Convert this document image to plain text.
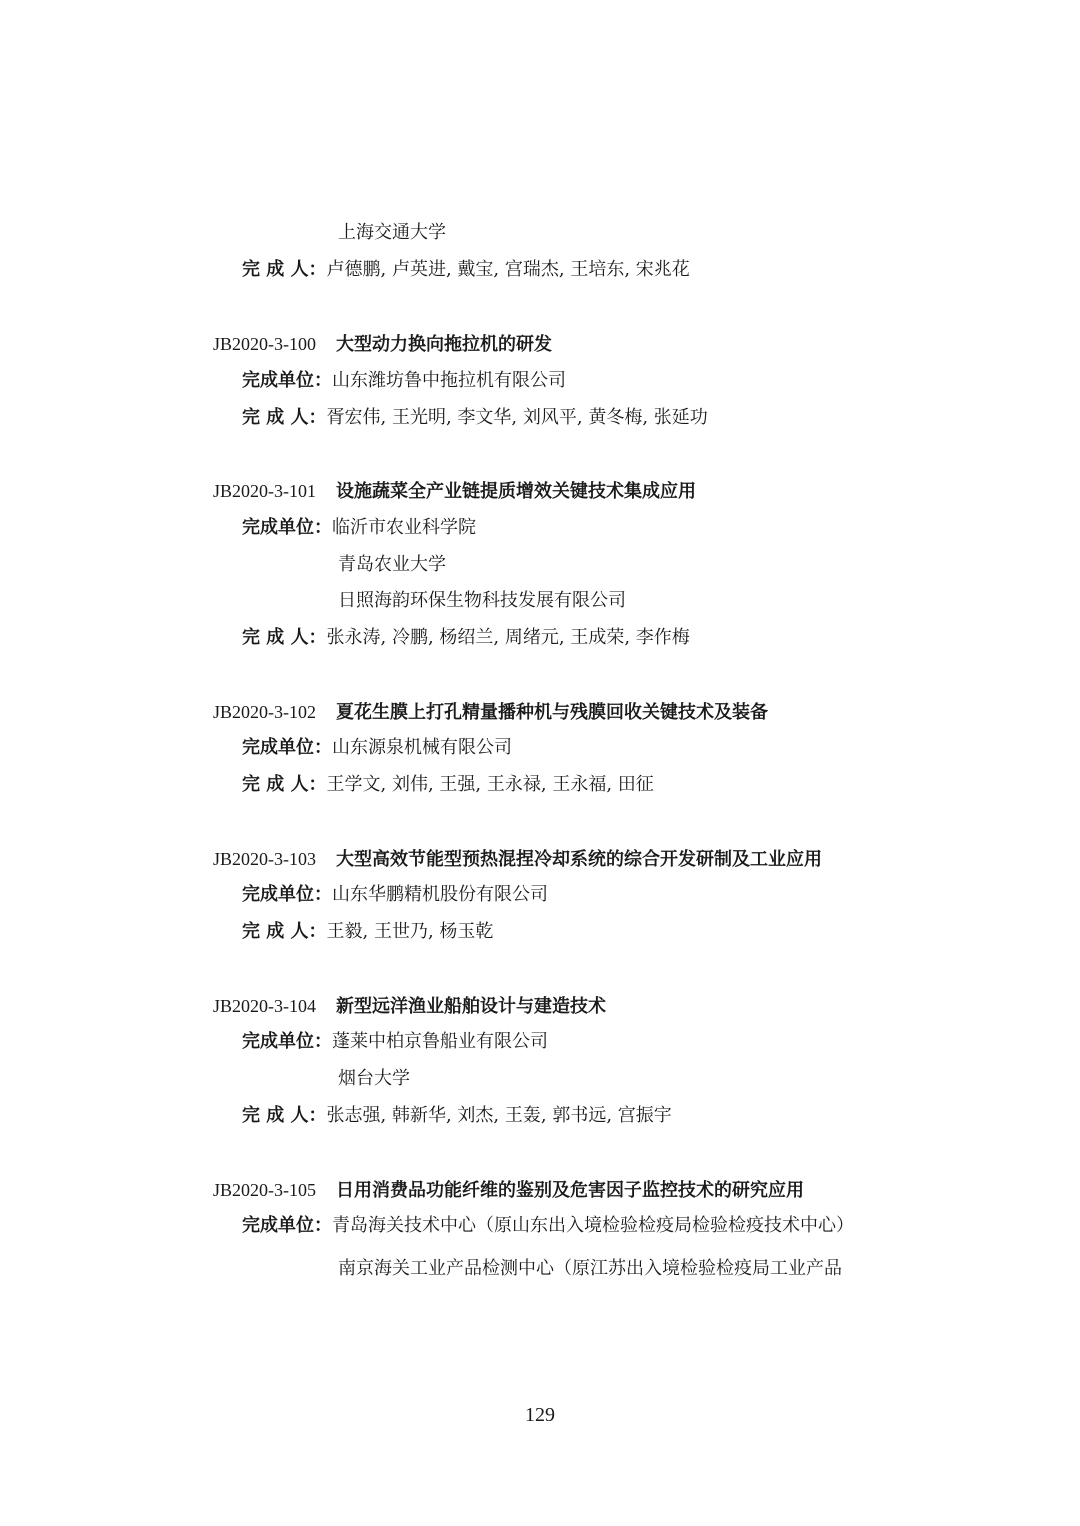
上海交通大学
完 成 人：卢德鹏, 卢英进, 戴宝, 宫瑞杰, 王培东, 宋兆花
JB2020-3-100 大型动力换向拖拉机的研发
完成单位：山东潍坊鲁中拖拉机有限公司
完 成 人：胥宏伟, 王光明, 李文华, 刘风平, 黄冬梅, 张延功
JB2020-3-101 设施蔬菜全产业链提质增效关键技术集成应用
完成单位：临沂市农业科学院
青岛农业大学
日照海韵环保生物科技发展有限公司
完 成 人：张永涛, 冷鹏, 杨绍兰, 周绪元, 王成荣, 李作梅
JB2020-3-102 夏花生膜上打孔精量播种机与残膜回收关键技术及装备
完成单位：山东源泉机械有限公司
完 成 人：王学文, 刘伟, 王强, 王永禄, 王永福, 田征
JB2020-3-103 大型高效节能型预热混捏冷却系统的综合开发研制及工业应用
完成单位：山东华鹏精机股份有限公司
完 成 人：王毅, 王世乃, 杨玉乾
JB2020-3-104 新型远洋渔业船舶设计与建造技术
完成单位：蓬莱中柏京鲁船业有限公司
烟台大学
完 成 人：张志强, 韩新华, 刘杰, 王轰, 郭书远, 宫振宇
JB2020-3-105 日用消费品功能纤维的鉴别及危害因子监控技术的研究应用
完成单位：青岛海关技术中心（原山东出入境检验检疫局检验检疫技术中心）
南京海关工业产品检测中心（原江苏出入境检验检疫局工业产品
129
